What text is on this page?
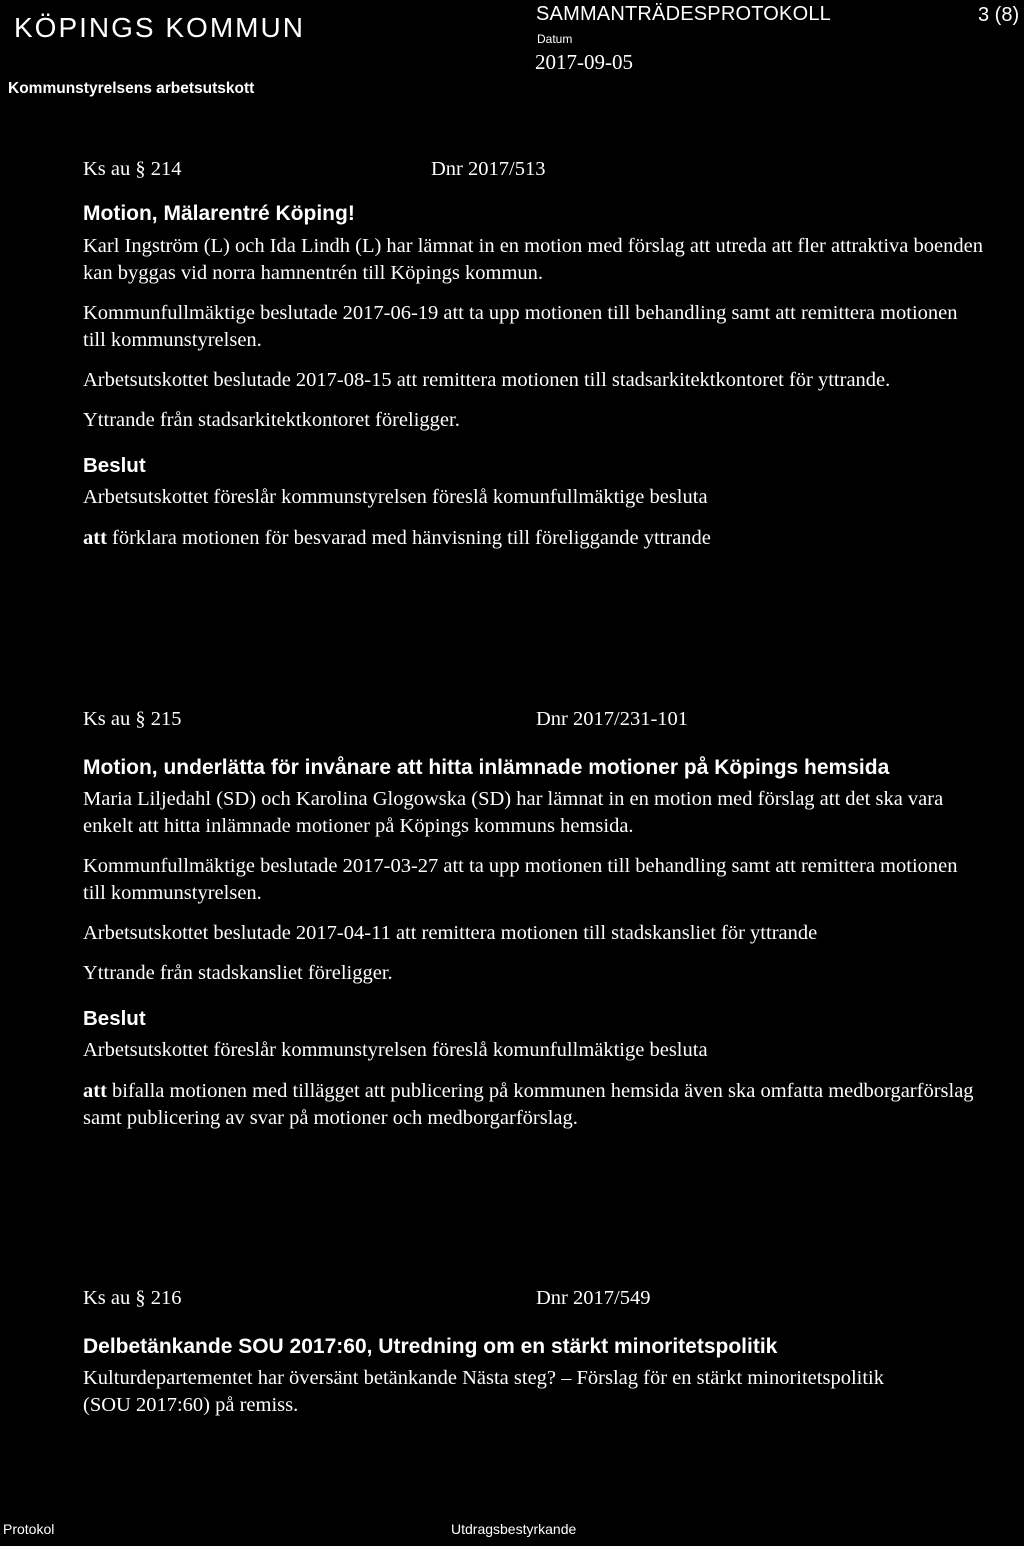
KÖPINGS KOMMUN
Kommunstyrelsens arbetsutskott
SAMMANTRÄDESPROTOKOLL
Datum
2017-09-05
3 (8)
Ks au § 214	Dnr 2017/513
Motion, Mälarentré Köping!

Karl Ingström (L) och Ida Lindh (L) har lämnat in en motion med förslag att utreda att fler attraktiva boenden kan byggas vid norra hamnentrén till Köpings kommun.

Kommunfullmäktige beslutade 2017-06-19 att ta upp motionen till behandling samt att remittera motionen till kommunstyrelsen.

Arbetsutskottet beslutade 2017-08-15 att remittera motionen till stadsarkitektkontoret för yttrande.

Yttrande från stadsarkitektkontoret föreligger.

Beslut

Arbetsutskottet föreslår kommunstyrelsen föreslå komunfullmäktige besluta

att förklara motionen för besvarad med hänvisning till föreliggande yttrande

Ks au § 215	Dnr 2017/231-101
Motion, underlätta för invånare att hitta inlämnade motioner på Köpings hemsida

Maria Liljedahl (SD) och Karolina Glogowska (SD) har lämnat in en motion med förslag att det ska vara enkelt att hitta inlämnade motioner på Köpings kommuns hemsida.

Kommunfullmäktige beslutade 2017-03-27 att ta upp motionen till behandling samt att remittera motionen till kommunstyrelsen.

Arbetsutskottet beslutade 2017-04-11 att remittera motionen till stadskansliet för yttrande

Yttrande från stadskansliet föreligger.

Beslut

Arbetsutskottet föreslår kommunstyrelsen föreslå komunfullmäktige besluta

att bifalla motionen med tillägget att publicering på kommunen hemsida även ska omfatta medborgarförslag samt publicering av svar på motioner och medborgarförslag.

Ks au § 216	Dnr 2017/549
Delbetänkande SOU 2017:60, Utredning om en stärkt minoritetspolitik

Kulturdepartementet har översänt betänkande Nästa steg? – Förslag för en stärkt minoritetspolitik (SOU 2017:60) på remiss.

Protokol	Utdragsbestyrkande
